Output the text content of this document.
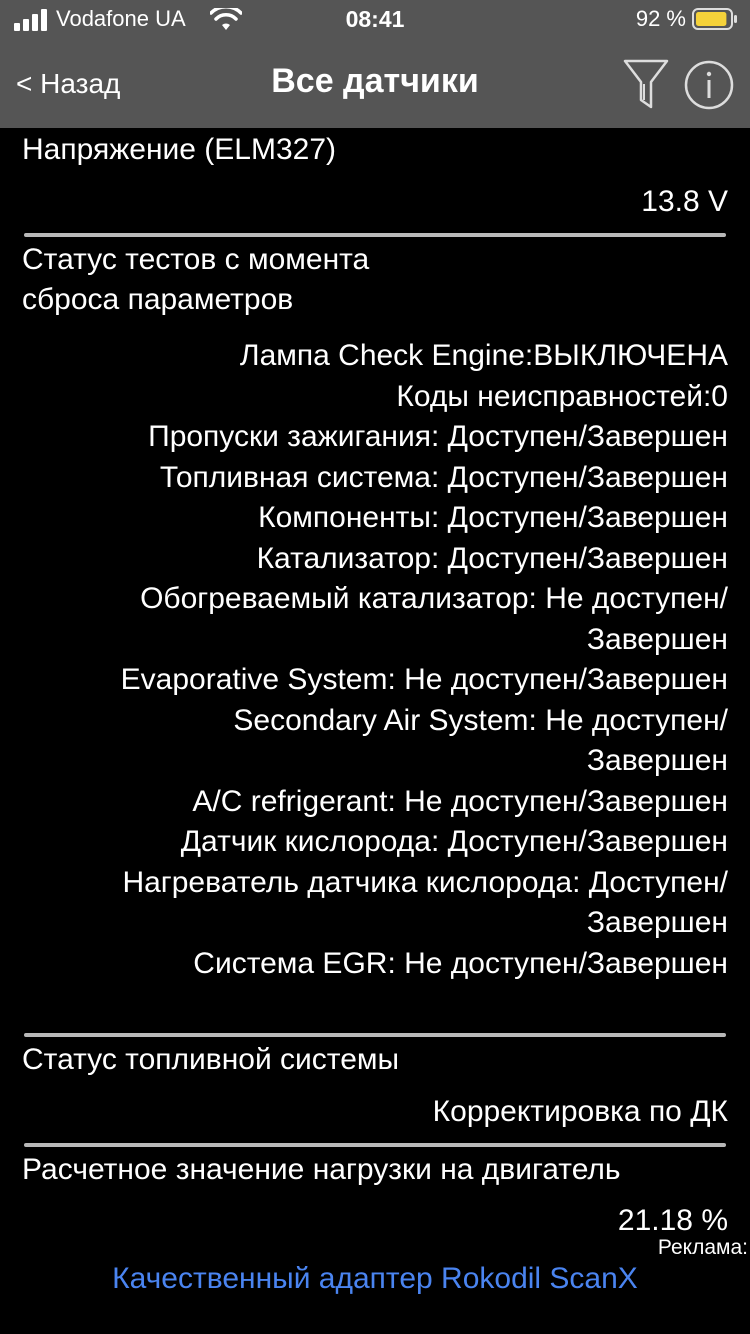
Vodafone UA	08:41	92 %
< Назад	Все датчики
Напряжение (ELM327)
13.8 V
Статус тестов с момента
сброса параметров
Лампа Check Engine:ВЫКЛЮЧЕНА
Коды неисправностей:0
Пропуски зажигания: Доступен/Завершен
Топливная система: Доступен/Завершен
Компоненты: Доступен/Завершен
Катализатор: Доступен/Завершен
Обогреваемый катализатор: Не доступен/
Завершен
Evaporative System: Не доступен/Завершен
Secondary Air System: Не доступен/
Завершен
A/C refrigerant: Не доступен/Завершен
Датчик кислорода: Доступен/Завершен
Нагреватель датчика кислорода: Доступен/
Завершен
Система EGR: Не доступен/Завершен
Статус топливной системы
Корректировка по ДК
Расчетное значение нагрузки на двигатель
21.18 %
Реклама:
Качественный адаптер Rokodil ScanX
